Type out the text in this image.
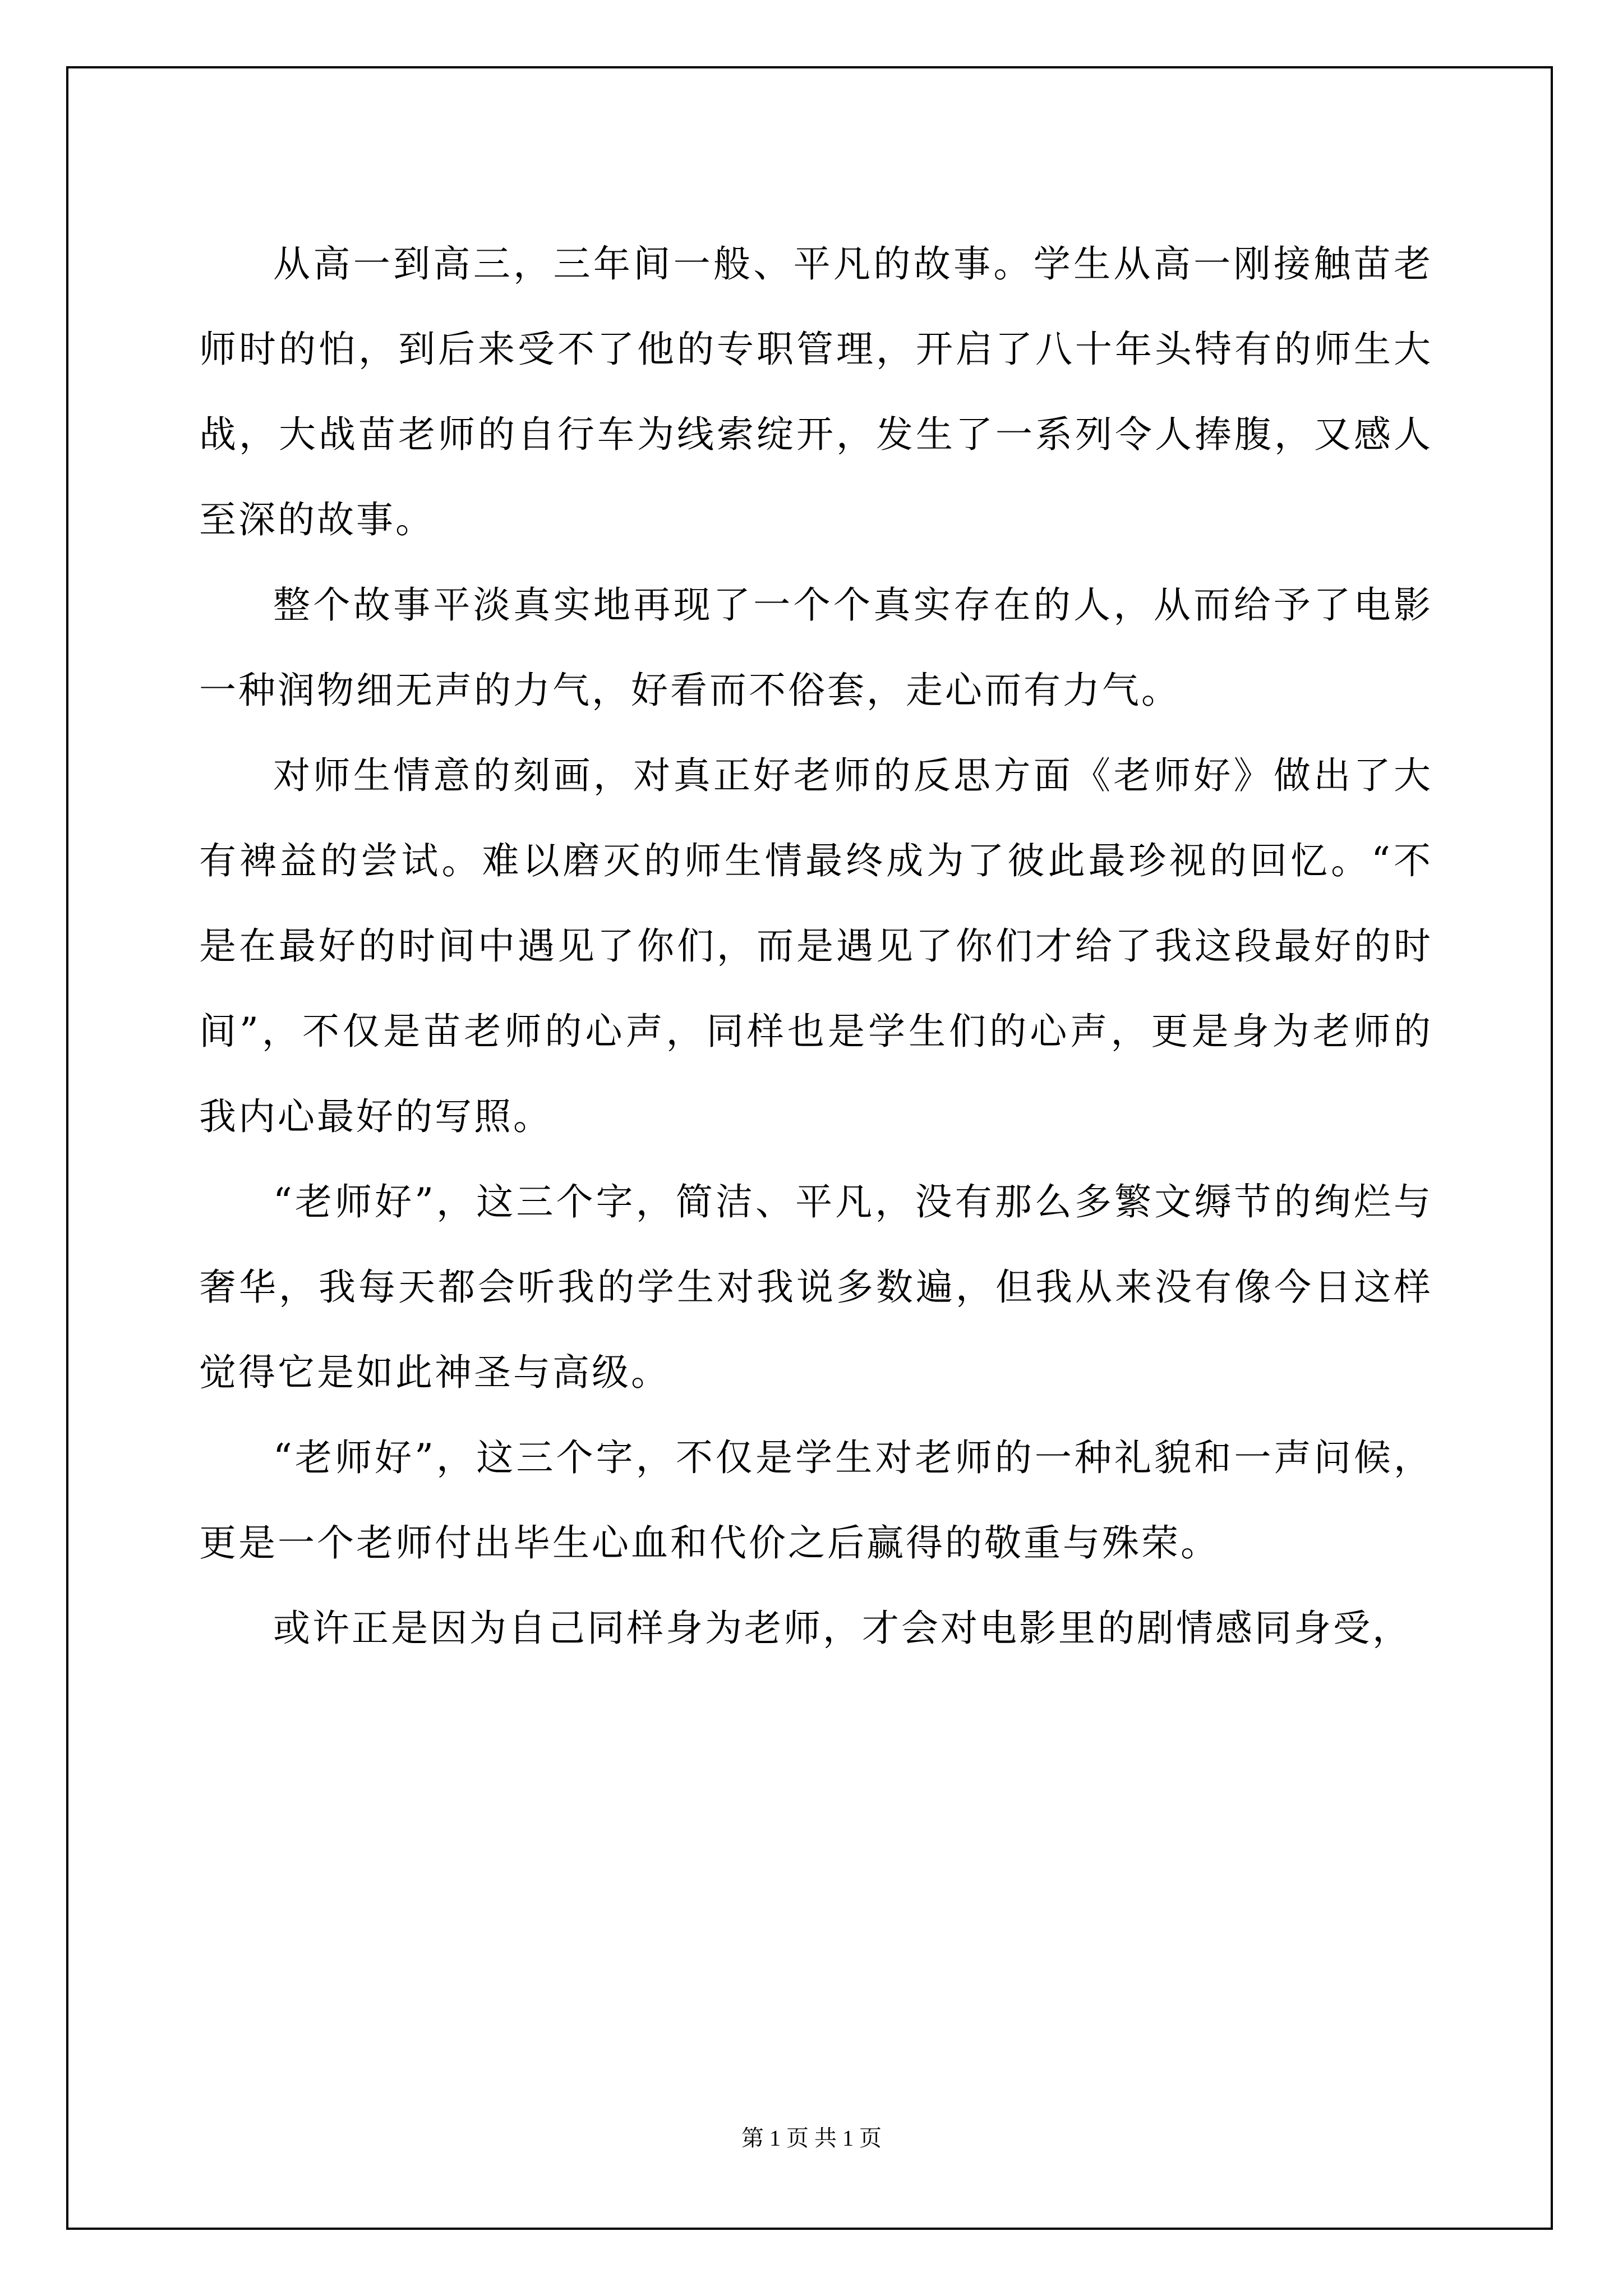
从高一到高三，三年间一般、平凡的故事。学生从高一刚接触苗老师时的怕，到后来受不了他的专职管理，开启了八十年头特有的师生大战，大战苗老师的自行车为线索绽开，发生了一系列令人捧腹，又感人至深的故事。

整个故事平淡真实地再现了一个个真实存在的人，从而给予了电影一种润物细无声的力气，好看而不俗套，走心而有力气。

对师生情意的刻画，对真正好老师的反思方面《老师好》做出了大有裨益的尝试。难以磨灭的师生情最终成为了彼此最珍视的回忆。“不是在最好的时间中遇见了你们，而是遇见了你们才给了我这段最好的时间”，不仅是苗老师的心声，同样也是学生们的心声，更是身为老师的我内心最好的写照。

“老师好”，这三个字，简洁、平凡，没有那么多繁文缛节的绚烂与奢华，我每天都会听我的学生对我说多数遍，但我从来没有像今日这样觉得它是如此神圣与高级。

“老师好”，这三个字，不仅是学生对老师的一种礼貌和一声问候，更是一个老师付出毕生心血和代价之后赢得的敬重与殊荣。

或许正是因为自己同样身为老师，才会对电影里的剧情感同身受，

第 1 页 共 1 页
